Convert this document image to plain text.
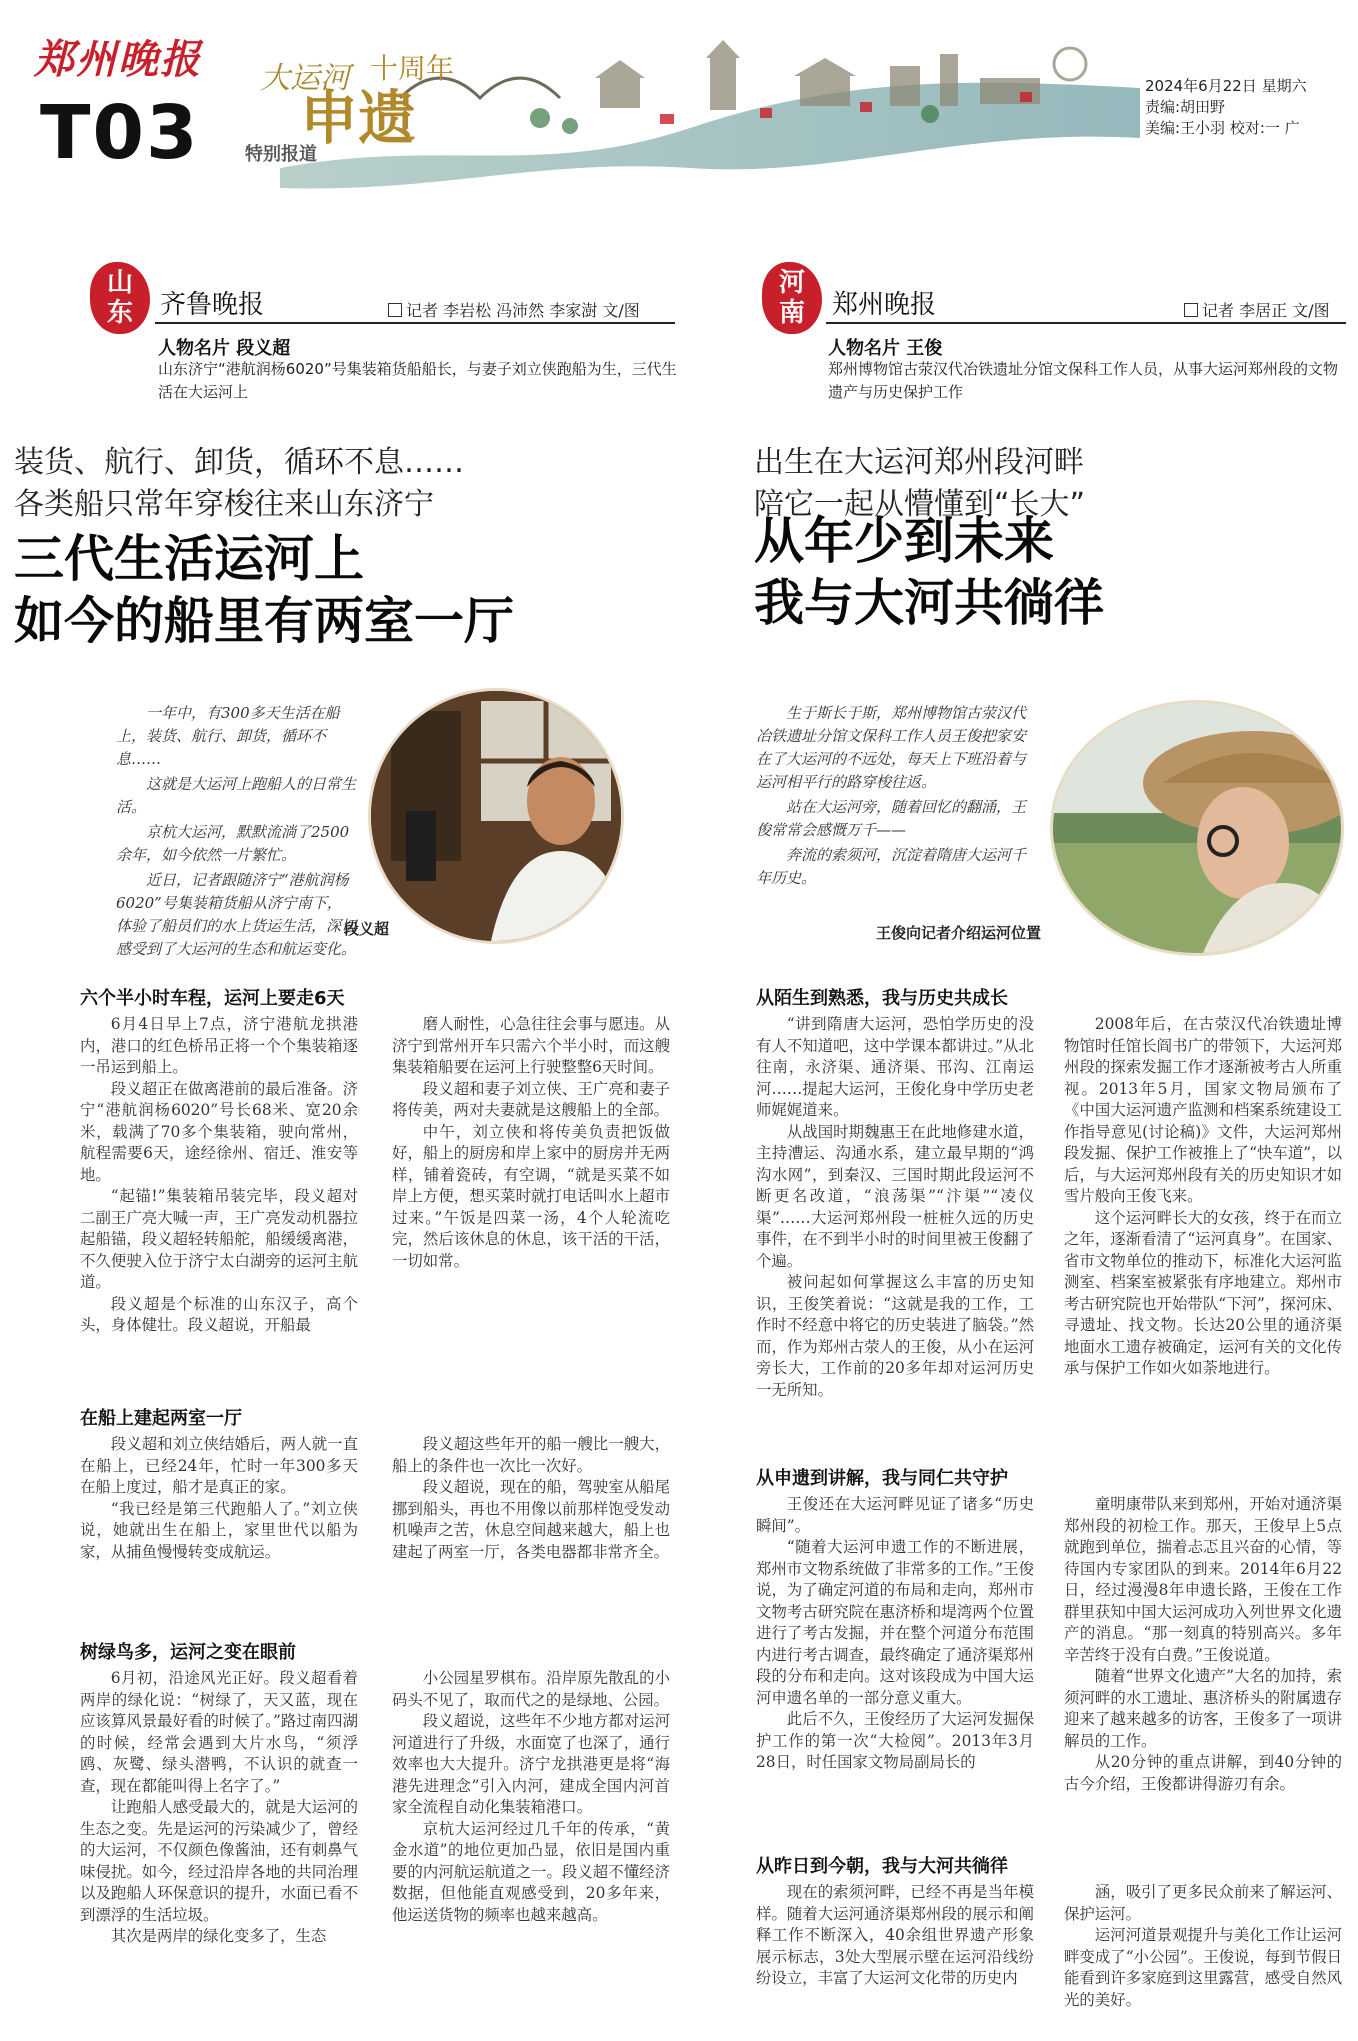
郑州晚报
T03
大运河
申遗
十周年
特别报道
2024年6月22日 星期六
责编:胡田野
美编:王小羽 校对:一 广
山
东	齐鲁晚报	记者 李岩松 冯沛然 李家澍 文/图
人物名片 段义超
山东济宁“港航润杨6020”号集装箱货船船长，与妻子刘立侠跑船为生，三代生活在大运河上
装货、航行、卸货，循环不息……
各类船只常年穿梭往来山东济宁
三代生活运河上
如今的船里有两室一厅

一年中，有300多天生活在船上，装货、航行、卸货，循环不息……

这就是大运河上跑船人的日常生活。

京杭大运河，默默流淌了2500余年，如今依然一片繁忙。

近日，记者跟随济宁“港航润杨6020”号集装箱货船从济宁南下，体验了船员们的水上货运生活，深切感受到了大运河的生态和航运变化。

段义超
六个半小时车程，运河上要走6天

6月4日早上7点，济宁港航龙拱港内，港口的红色桥吊正将一个个集装箱逐一吊运到船上。

段义超正在做离港前的最后准备。济宁“港航润杨6020”号长68米、宽20余米，载满了70多个集装箱，驶向常州，航程需要6天，途经徐州、宿迁、淮安等地。

“起锚!”集装箱吊装完毕，段义超对二副王广亮大喊一声，王广亮发动机器拉起船锚，段义超轻转船舵，船缓缓离港，不久便驶入位于济宁太白湖旁的运河主航道。

段义超是个标准的山东汉子，高个头，身体健壮。段义超说，开船最

磨人耐性，心急往往会事与愿违。从济宁到常州开车只需六个半小时，而这艘集装箱船要在运河上行驶整整6天时间。

段义超和妻子刘立侠、王广亮和妻子将传美，两对夫妻就是这艘船上的全部。

中午，刘立侠和将传美负责把饭做好，船上的厨房和岸上家中的厨房并无两样，铺着瓷砖，有空调，“就是买菜不如岸上方便，想买菜时就打电话叫水上超市过来。”午饭是四菜一汤，4个人轮流吃完，然后该休息的休息，该干活的干活，一切如常。

在船上建起两室一厅

段义超和刘立侠结婚后，两人就一直在船上，已经24年，忙时一年300多天在船上度过，船才是真正的家。

“我已经是第三代跑船人了。”刘立侠说，她就出生在船上，家里世代以船为家，从捕鱼慢慢转变成航运。

段义超这些年开的船一艘比一艘大，船上的条件也一次比一次好。

段义超说，现在的船，驾驶室从船尾挪到船头，再也不用像以前那样饱受发动机噪声之苦，休息空间越来越大，船上也建起了两室一厅，各类电器都非常齐全。

树绿鸟多，运河之变在眼前

6月初，沿途风光正好。段义超看着两岸的绿化说：“树绿了，天又蓝，现在应该算风景最好看的时候了。”路过南四湖的时候，经常会遇到大片水鸟，“须浮鸥、灰鹭、绿头潜鸭，不认识的就查一查，现在都能叫得上名字了。”

让跑船人感受最大的，就是大运河的生态之变。先是运河的污染减少了，曾经的大运河，不仅颜色像酱油，还有刺鼻气味侵扰。如今，经过沿岸各地的共同治理以及跑船人环保意识的提升，水面已看不到漂浮的生活垃圾。

其次是两岸的绿化变多了，生态

小公园星罗棋布。沿岸原先散乱的小码头不见了，取而代之的是绿地、公园。

段义超说，这些年不少地方都对运河河道进行了升级，水面宽了也深了，通行效率也大大提升。济宁龙拱港更是将“海港先进理念”引入内河，建成全国内河首家全流程自动化集装箱港口。

京杭大运河经过几千年的传承，“黄金水道”的地位更加凸显，依旧是国内重要的内河航运航道之一。段义超不懂经济数据，但他能直观感受到，20多年来，他运送货物的频率也越来越高。

河
南	郑州晚报	记者 李居正 文/图
人物名片 王俊
郑州博物馆古荥汉代冶铁遗址分馆文保科工作人员，从事大运河郑州段的文物遗产与历史保护工作
出生在大运河郑州段河畔
陪它一起从懵懂到“长大”
从年少到未来
我与大河共徜徉

生于斯长于斯，郑州博物馆古荥汉代冶铁遗址分馆文保科工作人员王俊把家安在了大运河的不远处，每天上下班沿着与运河相平行的路穿梭往返。

站在大运河旁，随着回忆的翻涌，王俊常常会感慨万千——

奔流的索须河，沉淀着隋唐大运河千年历史。

王俊向记者介绍运河位置
从陌生到熟悉，我与历史共成长

“讲到隋唐大运河，恐怕学历史的没有人不知道吧，这中学课本都讲过。”从北往南，永济渠、通济渠、邗沟、江南运河……提起大运河，王俊化身中学历史老师娓娓道来。

从战国时期魏惠王在此地修建水道，主持漕运、沟通水系，建立最早期的“鸿沟水网”，到秦汉、三国时期此段运河不断更名改道，“浪荡渠”“汴渠”“凌仪渠”……大运河郑州段一桩桩久远的历史事件，在不到半小时的时间里被王俊翻了个遍。

被问起如何掌握这么丰富的历史知识，王俊笑着说：“这就是我的工作，工作时不经意中将它的历史装进了脑袋。”然而，作为郑州古荥人的王俊，从小在运河旁长大，工作前的20多年却对运河历史一无所知。

2008年后，在古荥汉代冶铁遗址博物馆时任馆长阎书广的带领下，大运河郑州段的探索发掘工作才逐渐被考古人所重视。2013年5月，国家文物局颁布了《中国大运河遗产监测和档案系统建设工作指导意见(讨论稿)》文件，大运河郑州段发掘、保护工作被推上了“快车道”，以后，与大运河郑州段有关的历史知识才如雪片般向王俊飞来。

这个运河畔长大的女孩，终于在而立之年，逐渐看清了“运河真身”。在国家、省市文物单位的推动下，标准化大运河监测室、档案室被紧张有序地建立。郑州市考古研究院也开始带队“下河”，探河床、寻遗址、找文物。长达20公里的通济渠地面水工遗存被确定，运河有关的文化传承与保护工作如火如荼地进行。

从申遗到讲解，我与同仁共守护

王俊还在大运河畔见证了诸多“历史瞬间”。

“随着大运河申遗工作的不断进展，郑州市文物系统做了非常多的工作。”王俊说，为了确定河道的布局和走向，郑州市文物考古研究院在惠济桥和堤湾两个位置进行了考古发掘，并在整个河道分布范围内进行考古调查，最终确定了通济渠郑州段的分布和走向。这对该段成为中国大运河申遗名单的一部分意义重大。

此后不久，王俊经历了大运河发掘保护工作的第一次“大检阅”。2013年3月28日，时任国家文物局副局长的

童明康带队来到郑州，开始对通济渠郑州段的初检工作。那天，王俊早上5点就跑到单位，揣着忐忑且兴奋的心情，等待国内专家团队的到来。2014年6月22日，经过漫漫8年申遗长路，王俊在工作群里获知中国大运河成功入列世界文化遗产的消息。“那一刻真的特别高兴。多年辛苦终于没有白费。”王俊说道。

随着“世界文化遗产”大名的加持，索须河畔的水工遗址、惠济桥头的附属遗存迎来了越来越多的访客，王俊多了一项讲解员的工作。

从20分钟的重点讲解，到40分钟的古今介绍，王俊都讲得游刃有余。

从昨日到今朝，我与大河共徜徉

现在的索须河畔，已经不再是当年模样。随着大运河通济渠郑州段的展示和阐释工作不断深入，40余组世界遗产形象展示标志，3处大型展示壁在运河沿线纷纷设立，丰富了大运河文化带的历史内

涵，吸引了更多民众前来了解运河、保护运河。

运河河道景观提升与美化工作让运河畔变成了“小公园”。王俊说，每到节假日能看到许多家庭到这里露营，感受自然风光的美好。
